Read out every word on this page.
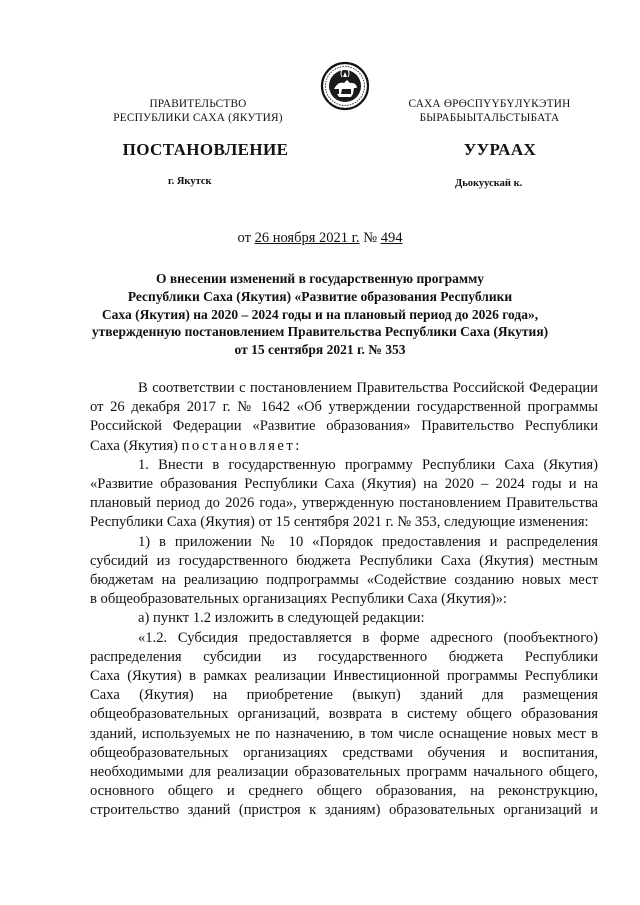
ПРАВИТЕЛЬСТВО
РЕСПУБЛИКИ САХА (ЯКУТИЯ)
САХА ӨРӨСПҮҮБҮЛҮКЭТИН
БЫРАБЫЫТАЛЬСТЫБАТА
ПОСТАНОВЛЕНИЕ	УУРААХ
г. Якутск	Дьокуускай к.
от 26 ноября 2021 г. № 494
О внесении изменений в государственную программу
Республики Саха (Якутия) «Развитие образования Республики
Саха (Якутия) на 2020 – 2024 годы и на плановый период до 2026 года»,
утвержденную постановлением Правительства Республики Саха (Якутия)
от 15 сентября 2021 г. № 353

В соответствии с постановлением Правительства Российской Федерации

от 26 декабря 2017 г. № 1642 «Об утверждении государственной программы

Российской Федерации «Развитие образования» Правительство Республики

Саха (Якутия) постановляет:

1. Внести в государственную программу Республики Саха (Якутия)

«Развитие образования Республики Саха (Якутия) на 2020 – 2024 годы и на

плановый период до 2026 года», утвержденную постановлением Правительства

Республики Саха (Якутия) от 15 сентября 2021 г. № 353, следующие изменения:

1) в приложении № 10 «Порядок предоставления и распределения

субсидий из государственного бюджета Республики Саха (Якутия) местным

бюджетам на реализацию подпрограммы «Содействие созданию новых мест

в общеобразовательных организациях Республики Саха (Якутия)»:

а) пункт 1.2 изложить в следующей редакции:

«1.2. Субсидия предоставляется в форме адресного (пообъектного)

распределения субсидии из государственного бюджета Республики

Саха (Якутия) в рамках реализации Инвестиционной программы Республики

Саха (Якутия) на приобретение (выкуп) зданий для размещения

общеобразовательных организаций, возврата в систему общего образования

зданий, используемых не по назначению, в том числе оснащение новых мест в

общеобразовательных организациях средствами обучения и воспитания,

необходимыми для реализации образовательных программ начального общего,

основного общего и среднего общего образования, на реконструкцию,

строительство зданий (пристроя к зданиям) образовательных организаций и
